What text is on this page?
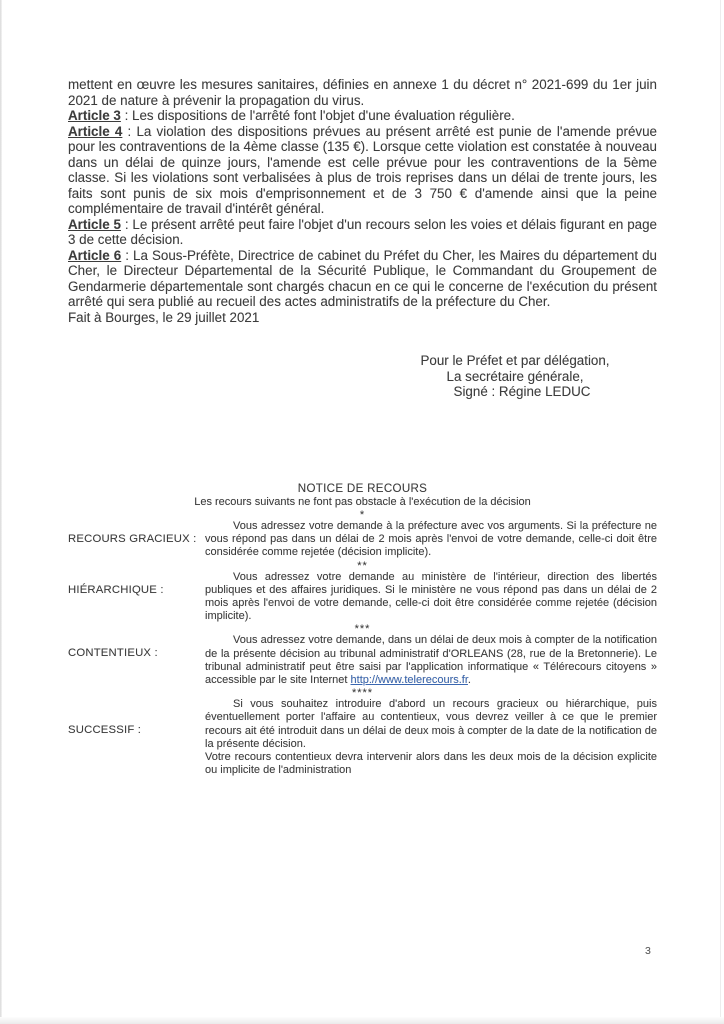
mettent en œuvre les mesures sanitaires, définies en annexe 1 du décret n° 2021-699 du 1er juin 2021 de nature à prévenir la propagation du virus.

Article 3 : Les dispositions de l'arrêté font l'objet d'une évaluation régulière.

Article 4 : La violation des dispositions prévues au présent arrêté est punie de l'amende prévue pour les contraventions de la 4ème classe (135 €). Lorsque cette violation est constatée à nouveau dans un délai de quinze jours, l'amende est celle prévue pour les contraventions de la 5ème classe. Si les violations sont verbalisées à plus de trois reprises dans un délai de trente jours, les faits sont punis de six mois d'emprisonnement et de 3 750 € d'amende ainsi que la peine complémentaire de travail d'intérêt général.

Article 5 : Le présent arrêté peut faire l'objet d'un recours selon les voies et délais figurant en page 3 de cette décision.

Article 6 : La Sous-Préfète, Directrice de cabinet du Préfet du Cher, les Maires du département du Cher, le Directeur Départemental de la Sécurité Publique, le Commandant du Groupement de Gendarmerie départementale sont chargés chacun en ce qui le concerne de l'exécution du présent arrêté qui sera publié au recueil des actes administratifs de la préfecture du Cher.

Fait à Bourges, le 29 juillet 2021

Pour le Préfet et par délégation,

La secrétaire générale,

Signé : Régine LEDUC

NOTICE DE RECOURS
Les recours suivants ne font pas obstacle à l'exécution de la décision
*
RECOURS GRACIEUX :

Vous adressez votre demande à la préfecture avec vos arguments. Si la préfecture ne vous répond pas dans un délai de 2 mois après l'envoi de votre demande, celle-ci doit être considérée comme rejetée (décision implicite).

**
HIÉRARCHIQUE :

Vous adressez votre demande au ministère de l'intérieur, direction des libertés publiques et des affaires juridiques. Si le ministère ne vous répond pas dans un délai de 2 mois après l'envoi de votre demande, celle-ci doit être considérée comme rejetée (décision implicite).

***
CONTENTIEUX :

Vous adressez votre demande, dans un délai de deux mois à compter de la notification de la présente décision au tribunal administratif d'ORLEANS (28, rue de la Bretonnerie). Le tribunal administratif peut être saisi par l'application informatique « Télérecours citoyens » accessible par le site Internet http://www.telerecours.fr.

****
SUCCESSIF :

Si vous souhaitez introduire d'abord un recours gracieux ou hiérarchique, puis éventuellement porter l'affaire au contentieux, vous devrez veiller à ce que le premier recours ait été introduit dans un délai de deux mois à compter de la date de la notification de la présente décision.

Votre recours contentieux devra intervenir alors dans les deux mois de la décision explicite ou implicite de l'administration

3
